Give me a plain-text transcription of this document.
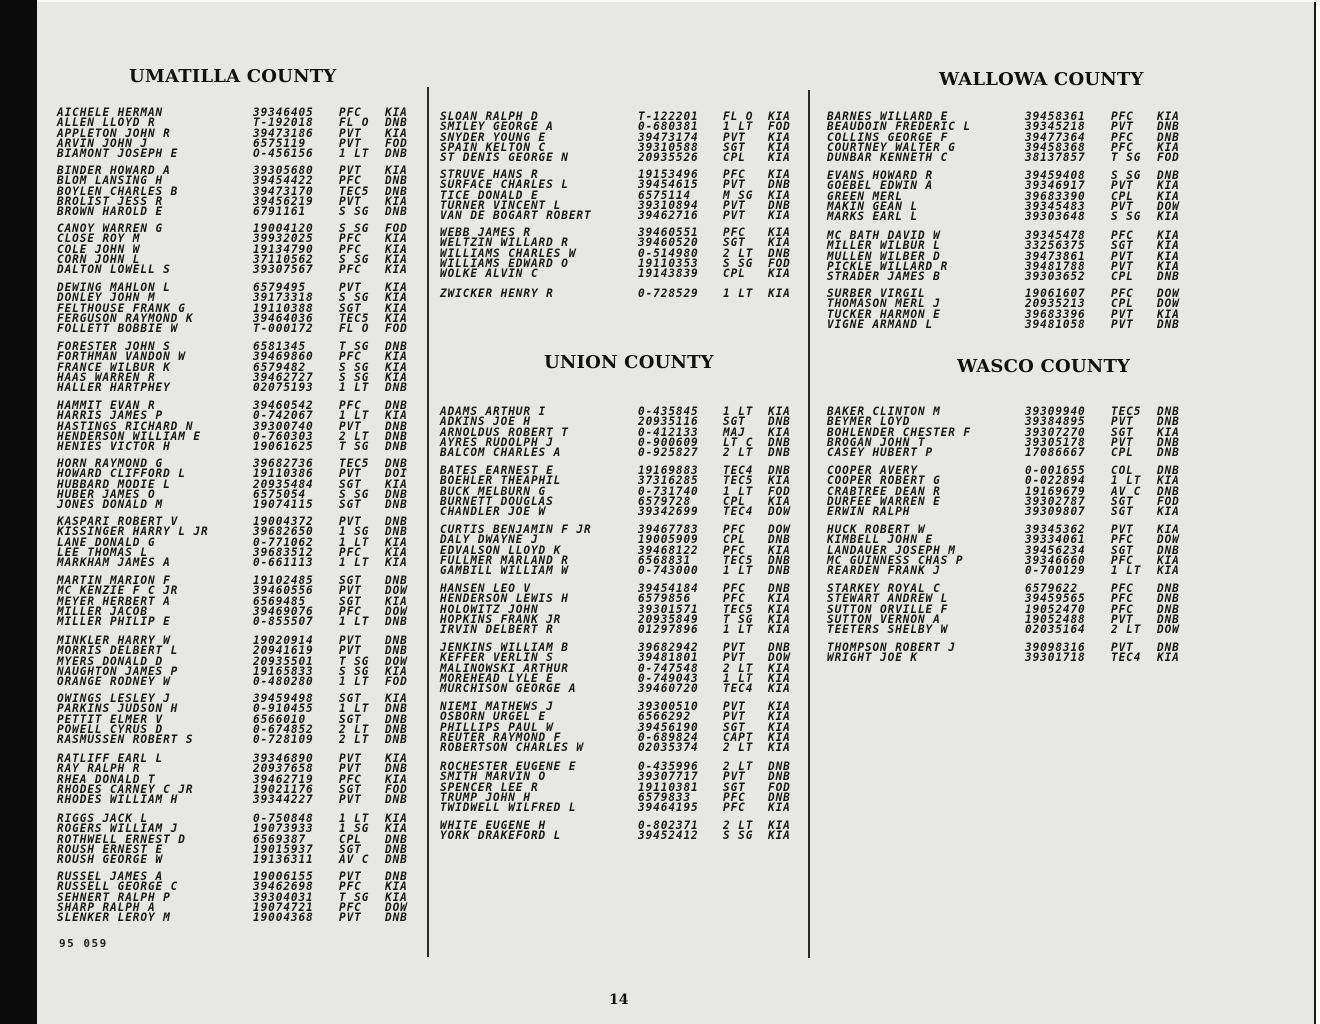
UMATILLA COUNTY
AICHELE HERMAN	39346405 PFC KIA
ALLEN LLOYD R	T-192018 FL O DNB
APPLETON JOHN R	39473186 PVT KIA
ARVIN JOHN J	6575119	PVT FOD
BIAMONT JOSEPH E	O-456156 1 LT DNB
BINDER HOWARD A	39305680 PVT KIA
BLOM LANSING H	39454422 PFC DNB
BOYLEN CHARLES B	39473170 TEC5 DNB
BROLIST JESS R	39456219 PVT KIA
BROWN HAROLD E	6791161	S SG DNB
CANOY WARREN G	19004120 S SG FOD
CLOSE ROY M	39932025 PFC KIA
COLE JOHN W	19134790 PFC KIA
CORN JOHN L	37110562 S SG KIA
DALTON LOWELL S	39307567 PFC KIA
DEWING MAHLON L	6579495	PVT KIA
DONLEY JOHN M	39173318 S SG KIA
FELTHOUSE FRANK G	19110388 SGT KIA
FERGUSON RAYMOND K	39464036 TEC5 KIA
FOLLETT BOBBIE W	T-000172 FL O FOD
FORESTER JOHN S	6581345	T SG DNB
FORTHMAN VANDON W	39469860 PFC KIA
FRANCE WILBUR K	6579482	S SG KIA
HAAS WARREN R	39462727 S SG KIA
HALLER HARTPHEY	02075193 1 LT DNB
HAMMIT EVAN R	39460542 PFC DNB
HARRIS JAMES P	0-742067 1 LT KIA
HASTINGS RICHARD N	39300740 PVT DNB
HENDERSON WILLIAM E	0-760303 2 LT DNB
HENIES VICTOR H	19061625 T SG DNB
HORN RAYMOND G	39682736 TEC5 DNB
HOWARD CLIFFORD L	19110386 PVT DOI
HUBBARD MODIE L	20935484 SGT KIA
HUBER JAMES O	6575054	S SG DNB
JONES DONALD M	19074115 SGT DNB
KASPARI ROBERT V	19004372 PVT DNB
KISSINGER HARRY L JR	39682650 1 SG DNB
LANE DONALD G	0-771062 1 LT KIA
LEE THOMAS L	39683512 PFC KIA
MARKHAM JAMES A	0-661113 1 LT KIA
MARTIN MARION F	19102485 SGT DNB
MC KENZIE F C JR	39460556 PVT DOW
MEYER HERBERT A	6569485	SGT KIA
MILLER JACOB	39469076 PFC DOW
MILLER PHILIP E	0-855507 1 LT DNB
MINKLER HARRY W	19020914 PVT DNB
MORRIS DELBERT L	20941619 PVT DNB
MYERS DONALD D	20935501 T SG DOW
NAUGHTON JAMES P	19165833 S SG KIA
ORANGE RODNEY W	0-480280 1 LT FOD
OWINGS LESLEY J	39459498 SGT KIA
PARKINS JUDSON H	0-910455 1 LT DNB
PETTIT ELMER V	6566010	SGT DNB
POWELL CYRUS D	0-674852 2 LT DNB
RASMUSSEN ROBERT S	0-728109 2 LT DNB
RATLIFF EARL L	39346890 PVT KIA
RAY RALPH R	20937658 PVT DNB
RHEA DONALD T	39462719 PFC KIA
RHODES CARNEY C JR	19021176 SGT FOD
RHODES WILLIAM H	39344227 PVT DNB
RIGGS JACK L	0-750848 1 LT KIA
ROGERS WILLIAM J	19073933 1 SG KIA
ROTHWELL ERNEST D	6569387	CPL DNB
ROUSH ERNEST E	19015937 SGT DNB
ROUSH GEORGE W	19136311 AV C DNB
RUSSEL JAMES A	19006155 PVT DNB
RUSSELL GEORGE C	39462698 PFC KIA
SEHNERT RALPH P	39304031 T SG KIA
SHARP RALPH A	19074721 PFC DOW
SLENKER LEROY M	19004368 PVT DNB
SLOAN RALPH D	T-122201 FL O KIA
SMILEY GEORGE A	0-680381 1 LT FOD
SNYDER YOUNG E	39473174 PVT KIA
SPAIN KELTON C	39310588 SGT KIA
ST DENIS GEORGE N	20935526 CPL KIA
STRUVE HANS R	19153496 PFC KIA
SURFACE CHARLES L	39454615 PVT DNB
TICE DONALD E	6575114	M SG KIA
TURNER VINCENT L	39310894 PVT DNB
VAN DE BOGART ROBERT	39462716 PVT KIA
WEBB JAMES R	39460551 PFC KIA
WELTZIN WILLARD R	39460520 SGT KIA
WILLIAMS CHARLES W	0-514980 2 LT DNB
WILLIAMS EDWARD O	19110353 S SG FOD
WOLKE ALVIN C	19143839 CPL KIA
ZWICKER HENRY R	0-728529 1 LT KIA
UNION COUNTY
ADAMS ARTHUR I	0-435845 1 LT KIA
ADKINS JOE H	20935116 SGT DNB
ARNOLDUS ROBERT T	0-412133 MAJ KIA
AYRES RUDOLPH J	0-900609 LT C DNB
BALCOM CHARLES A	0-925827 2 LT DNB
BATES EARNEST E	19169883 TEC4 DNB
BOEHLER THEAPHIL	37316285 TEC5 KIA
BUCK MELBURN G	0-731740 1 LT FOD
BURNETT DOUGLAS	6579728	CPL KIA
CHANDLER JOE W	39342699 TEC4 DOW
CURTIS BENJAMIN F JR	39467783 PFC DOW
DALY DWAYNE J	19005909 CPL DNB
EDVALSON LLOYD K	39468122 PFC KIA
FULLMER MARLAND R	6568831	TEC5 DNB
GAMBILL WILLIAM W	0-743000 1 LT DNB
HANSEN LEO V	39454184 PFC DNB
HENDERSON LEWIS H	6579856	PFC KIA
HOLOWITZ JOHN	39301571 TEC5 KIA
HOPKINS FRANK JR	20935849 T SG KIA
IRVIN DELBERT R	01297896 1 LT KIA
JENKINS WILLIAM B	39682942 PVT DNB
KEFFER VERLIN S	39481801 PVT DOW
MALINOWSKI ARTHUR	0-747548 2 LT KIA
MOREHEAD LYLE E	0-749043 1 LT KIA
MURCHISON GEORGE A	39460720 TEC4 KIA
NIEMI MATHEWS J	39300510 PVT KIA
OSBORN URGEL E	6566292	PVT KIA
PHILLIPS PAUL W	39456190 SGT KIA
REUTER RAYMOND F	0-689824 CAPT KIA
ROBERTSON CHARLES W	02035374 2 LT KIA
ROCHESTER EUGENE E	0-435996 2 LT DNB
SMITH MARVIN O	39307717 PVT DNB
SPENCER LEE R	19110381 SGT FOD
TRUMP JOHN H	6579833	PFC DNB
TWIDWELL WILFRED L	39464195 PFC KIA
WHITE EUGENE H	0-802371 2 LT KIA
YORK DRAKEFORD L	39452412 S SG KIA
WALLOWA COUNTY
BARNES WILLARD E	39458361 PFC KIA
BEAUDOIN FREDERIC L	39345218 PVT DNB
COLLINS GEORGE F	39477364 PFC DNB
COURTNEY WALTER G	39458368 PFC KIA
DUNBAR KENNETH C	38137857 T SG FOD
EVANS HOWARD R	39459408 S SG DNB
GOEBEL EDWIN A	39346917 PVT KIA
GREEN MERL	39683390 CPL KIA
MAKIN GEAN L	39345483 PVT DOW
MARKS EARL L	39303648 S SG KIA
MC BATH DAVID W	39345478 PFC KIA
MILLER WILBUR L	33256375 SGT KIA
MULLEN WILBER D	39473861 PVT KIA
PICKLE WILLARD R	39481788 PVT KIA
STRADER JAMES B	39303652 CPL DNB
SURBER VIRGIL	19061607 PFC DOW
THOMASON MERL J	20935213 CPL DOW
TUCKER HARMON E	39683396 PVT KIA
VIGNE ARMAND L	39481058 PVT DNB
WASCO COUNTY
BAKER CLINTON M	39309940 TEC5 DNB
BEYMER LOYD	39384895 PVT DNB
BOHLENDER CHESTER F	39307270 SGT KIA
BROGAN JOHN T	39305178 PVT DNB
CASEY HUBERT P	17086667 CPL DNB
COOPER AVERY	0-001655 COL DNB
COOPER ROBERT G	0-022894 1 LT KIA
CRABTREE DEAN R	19169679 AV C DNB
DURFEE WARREN E	39302787 SGT FOD
ERWIN RALPH	39309807 SGT KIA
HUCK ROBERT W	39345362 PVT KIA
KIMBELL JOHN E	39334061 PFC DOW
LANDAUER JOSEPH M	39456234 SGT DNB
MC GUINNESS CHAS P	39346660 PFC KIA
REARDEN FRANK J	0-700129 1 LT KIA
STARKEY ROYAL C	6579622	PFC DNB
STEWART ANDREW L	39459565 PFC DNB
SUTTON ORVILLE F	19052470 PFC DNB
SUTTON VERNON A	19052488 PVT DNB
TEETERS SHELBY W	02035164 2 LT DOW
THOMPSON ROBERT J	39098316 PVT DNB
WRIGHT JOE K	39301718 TEC4 KIA
95 059
14
